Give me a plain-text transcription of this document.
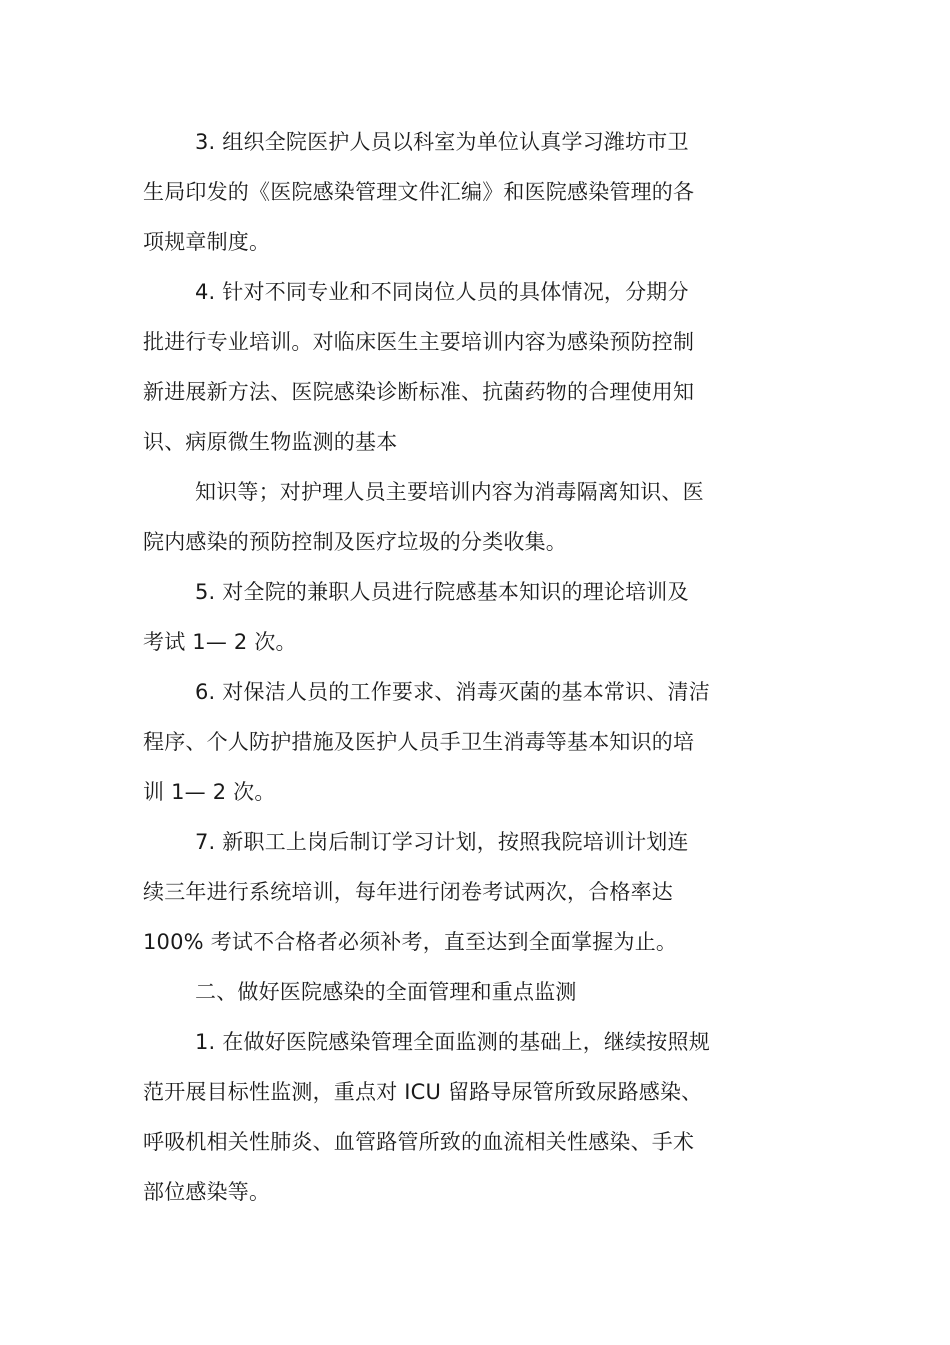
3. 组织全院医护人员以科室为单位认真学习潍坊市卫
生局印发的《医院感染管理文件汇编》和医院感染管理的各
项规章制度。
4. 针对不同专业和不同岗位人员的具体情况，分期分
批进行专业培训。对临床医生主要培训内容为感染预防控制
新进展新方法、医院感染诊断标准、抗菌药物的合理使用知
识、病原微生物监测的基本
知识等；对护理人员主要培训内容为消毒隔离知识、医
院内感染的预防控制及医疗垃圾的分类收集。
5. 对全院的兼职人员进行院感基本知识的理论培训及
考试 1— 2 次。
6. 对保洁人员的工作要求、消毒灭菌的基本常识、清洁
程序、个人防护措施及医护人员手卫生消毒等基本知识的培
训 1— 2 次。
7. 新职工上岗后制订学习计划，按照我院培训计划连
续三年进行系统培训，每年进行闭卷考试两次，合格率达
100% 考试不合格者必须补考，直至达到全面掌握为止。
二、做好医院感染的全面管理和重点监测
1. 在做好医院感染管理全面监测的基础上，继续按照规
范开展目标性监测，重点对 ICU 留路导尿管所致尿路感染、
呼吸机相关性肺炎、血管路管所致的血流相关性感染、手术
部位感染等。
